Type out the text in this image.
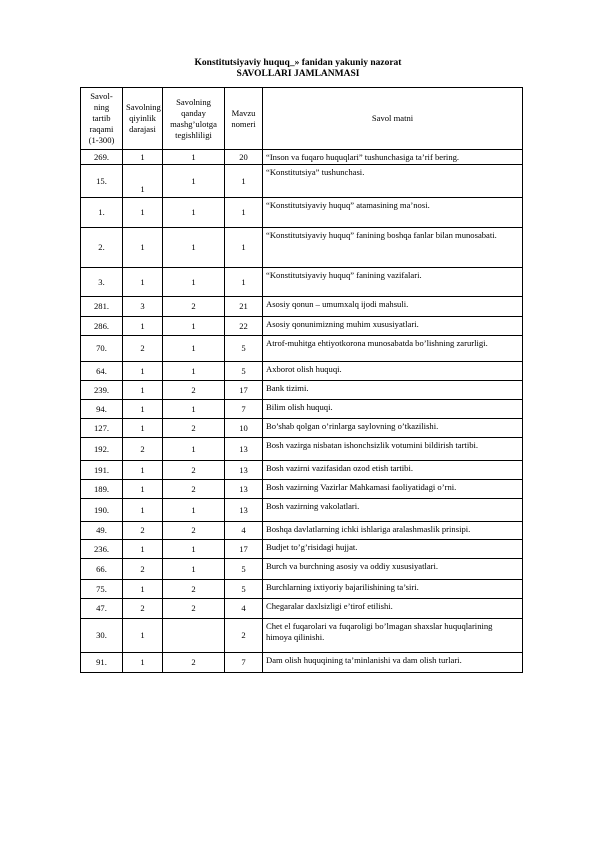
Konstitutsiyaviy huquq_» fanidan yakuniy nazorat
SAVOLLARI JAMLANMASI
Savol-ning tartib raqami (1-300)	Savolning qiyinlik darajasi	Savolning qanday mashg’ulotga tegishliligi	Mavzu nomeri	Savol matni
269.	1	1	20	“Inson va fuqaro huquqlari” tushunchasiga ta’rif bering.
15.	1	1	1	“Konstitutsiya” tushunchasi.
1.	1	1	1	“Konstitutsiyaviy huquq” atamasining ma’nosi.
2.	1	1	1	“Konstitutsiyaviy huquq” fanining boshqa fanlar bilan munosabati.
3.	1	1	1	“Konstitutsiyaviy huquq” fanining vazifalari.
281.	3	2	21	Asosiy qonun – umumxalq ijodi mahsuli.
286.	1	1	22	Asosiy qonunimizning muhim xususiyatlari.
70.	2	1	5	Atrof-muhitga ehtiyotkorona munosabatda bo’lishning zarurligi.
64.	1	1	5	Axborot olish huquqi.
239.	1	2	17	Bank tizimi.
94.	1	1	7	Bilim olish huquqi.
127.	1	2	10	Bo’shab qolgan o’rinlarga saylovning o’tkazilishi.
192.	2	1	13	Bosh vazirga nisbatan ishonchsizlik votumini bildirish tartibi.
191.	1	2	13	Bosh vazirni vazifasidan ozod etish tartibi.
189.	1	2	13	Bosh vazirning Vazirlar Mahkamasi faoliyatidagi o’rni.
190.	1	1	13	Bosh vazirning vakolatlari.
49.	2	2	4	Boshqa davlatlarning ichki ishlariga aralashmaslik prinsipi.
236.	1	1	17	Budjet to’g’risidagi hujjat.
66.	2	1	5	Burch va burchning asosiy va oddiy xususiyatlari.
75.	1	2	5	Burchlarning ixtiyoriy bajarilishining ta’siri.
47.	2	2	4	Chegaralar daxlsizligi e’tirof etilishi.
30.	1		2	Chet el fuqarolari va fuqaroligi bo’lmagan shaxslar huquqlarining himoya qilinishi.
91.	1	2	7	Dam olish huquqining ta’minlanishi va dam olish turlari.
